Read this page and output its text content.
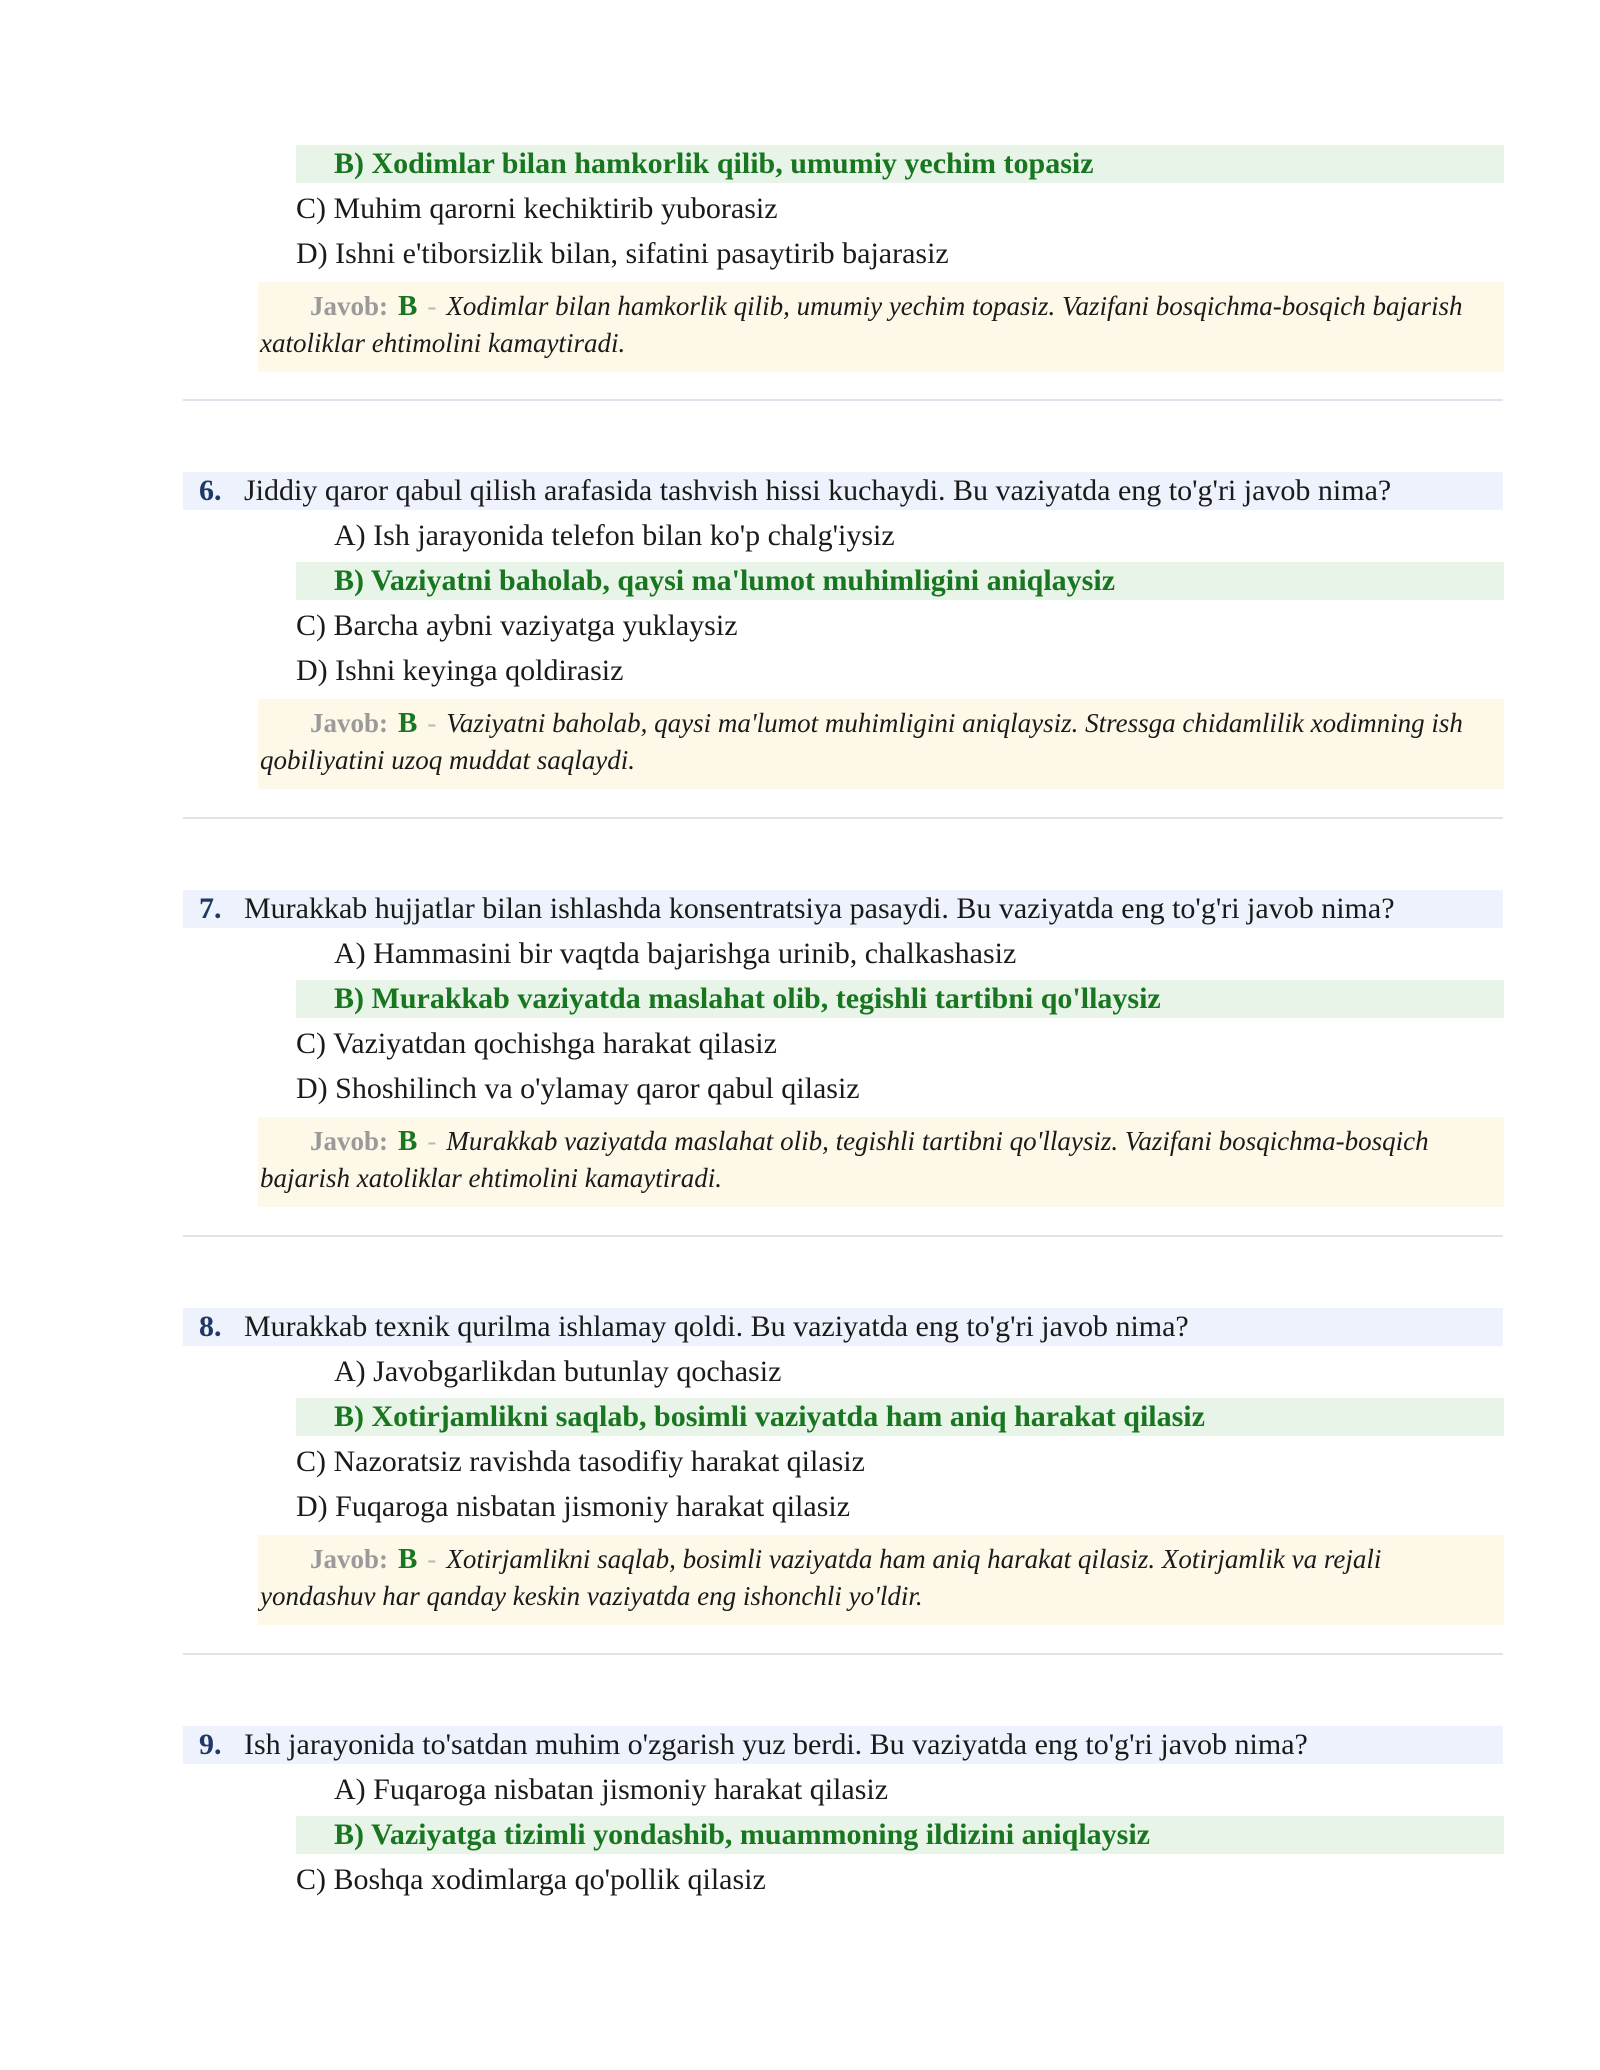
B) Xodimlar bilan hamkorlik qilib, umumiy yechim topasiz
C) Muhim qarorni kechiktirib yuborasiz
D) Ishni e'tiborsizlik bilan, sifatini pasaytirib bajarasiz
Javob: B - Xodimlar bilan hamkorlik qilib, umumiy yechim topasiz. Vazifani bosqichma-bosqich bajarish xatoliklar ehtimolini kamaytiradi.
6. Jiddiy qaror qabul qilish arafasida tashvish hissi kuchaydi. Bu vaziyatda eng to'g'ri javob nima?
A) Ish jarayonida telefon bilan ko'p chalg'iysiz
B) Vaziyatni baholab, qaysi ma'lumot muhimligini aniqlaysiz
C) Barcha aybni vaziyatga yuklaysiz
D) Ishni keyinga qoldirasiz
Javob: B - Vaziyatni baholab, qaysi ma'lumot muhimligini aniqlaysiz. Stressga chidamlilik xodimning ish qobiliyatini uzoq muddat saqlaydi.
7. Murakkab hujjatlar bilan ishlashda konsentratsiya pasaydi. Bu vaziyatda eng to'g'ri javob nima?
A) Hammasini bir vaqtda bajarishga urinib, chalkashasiz
B) Murakkab vaziyatda maslahat olib, tegishli tartibni qo'llaysiz
C) Vaziyatdan qochishga harakat qilasiz
D) Shoshilinch va o'ylamay qaror qabul qilasiz
Javob: B - Murakkab vaziyatda maslahat olib, tegishli tartibni qo'llaysiz. Vazifani bosqichma-bosqich bajarish xatoliklar ehtimolini kamaytiradi.
8. Murakkab texnik qurilma ishlamay qoldi. Bu vaziyatda eng to'g'ri javob nima?
A) Javobgarlikdan butunlay qochasiz
B) Xotirjamlikni saqlab, bosimli vaziyatda ham aniq harakat qilasiz
C) Nazoratsiz ravishda tasodifiy harakat qilasiz
D) Fuqaroga nisbatan jismoniy harakat qilasiz
Javob: B - Xotirjamlikni saqlab, bosimli vaziyatda ham aniq harakat qilasiz. Xotirjamlik va rejali yondashuv har qanday keskin vaziyatda eng ishonchli yo'ldir.
9. Ish jarayonida to'satdan muhim o'zgarish yuz berdi. Bu vaziyatda eng to'g'ri javob nima?
A) Fuqaroga nisbatan jismoniy harakat qilasiz
B) Vaziyatga tizimli yondashib, muammoning ildizini aniqlaysiz
C) Boshqa xodimlarga qo'pollik qilasiz
